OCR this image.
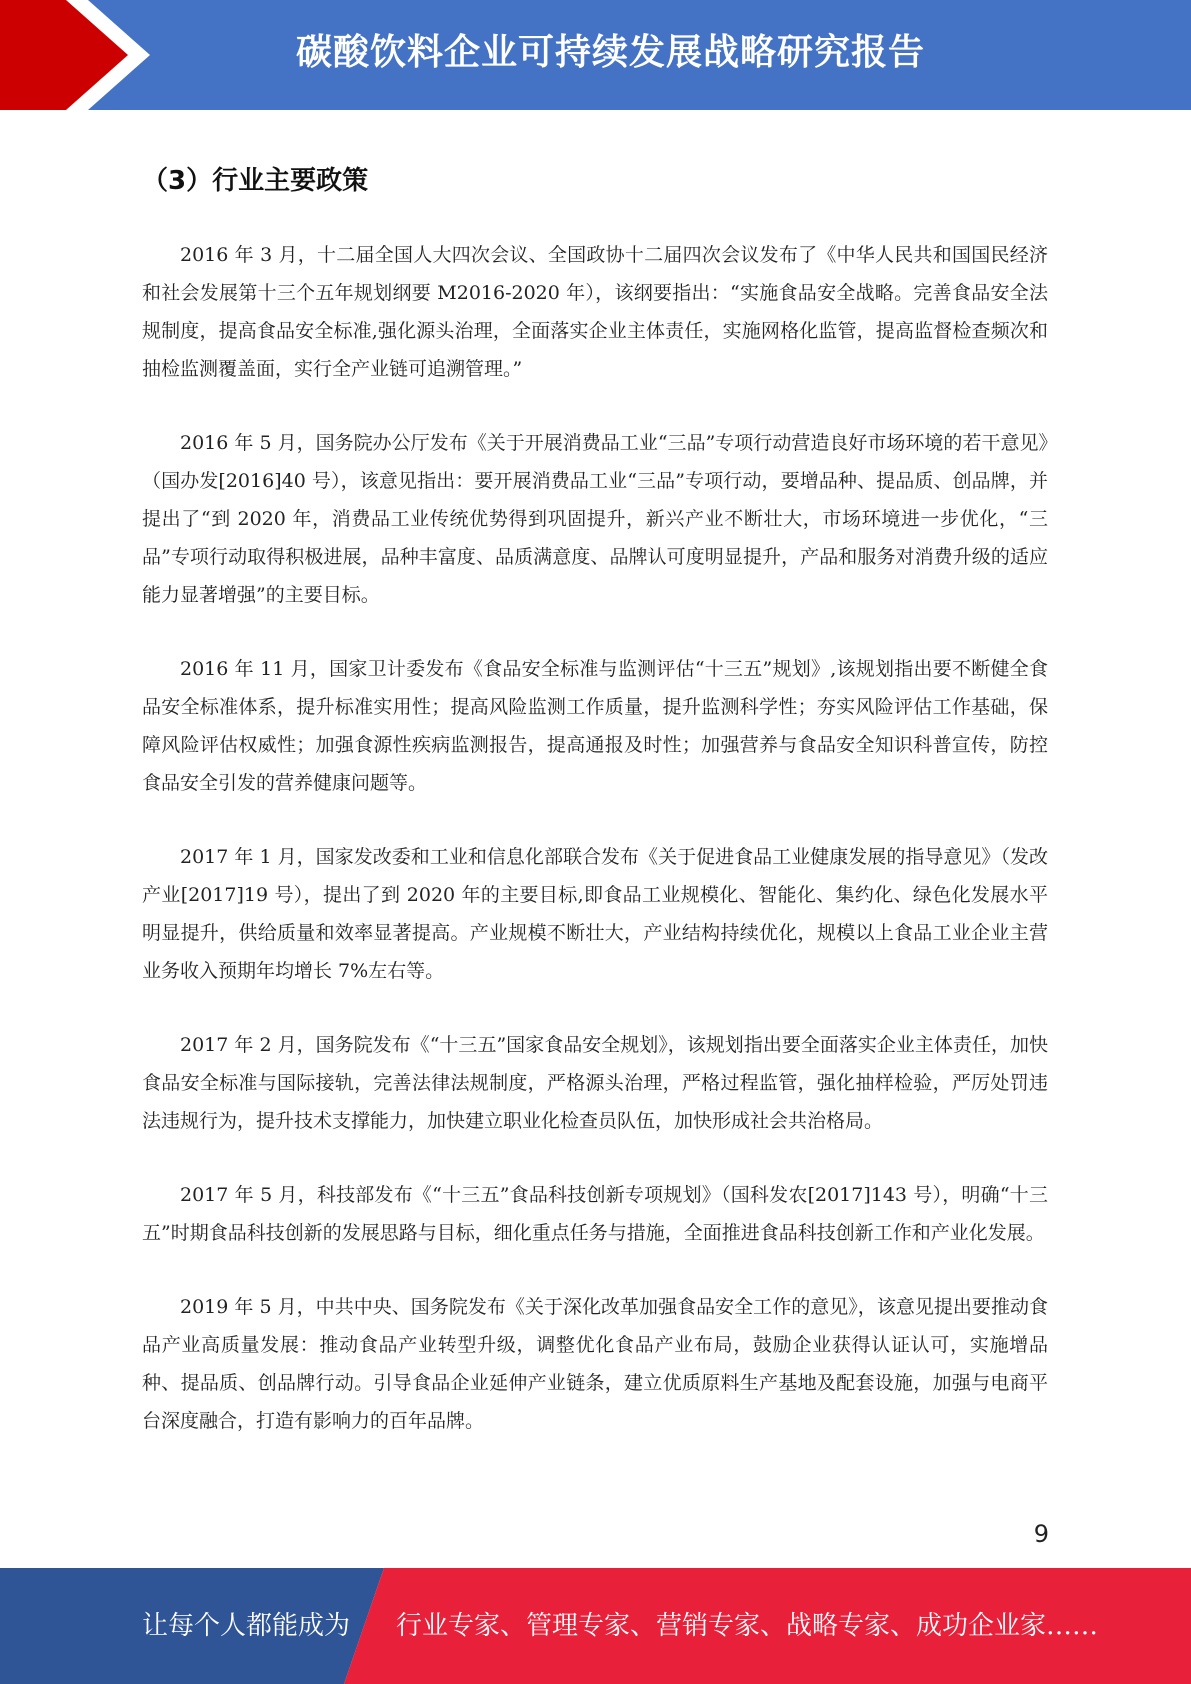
碳酸饮料企业可持续发展战略研究报告
（3）行业主要政策

2016 年 3 月，十二届全国人大四次会议、全国政协十二届四次会议发布了《中华人民共和国国民经济和社会发展第十三个五年规划纲要 M2016-2020 年），该纲要指出：“实施食品安全战略。完善食品安全法规制度，提高食品安全标准,强化源头治理，全面落实企业主体责任，实施网格化监管，提高监督检查频次和抽检监测覆盖面，实行全产业链可追溯管理。”

2016 年 5 月，国务院办公厅发布《关于开展消费品工业“三品”专项行动营造良好市场环境的若干意见》（国办发[2016]40 号），该意见指出：要开展消费品工业“三品”专项行动，要增品种、提品质、创品牌，并提出了“到 2020 年，消费品工业传统优势得到巩固提升，新兴产业不断壮大，市场环境进一步优化，“三品”专项行动取得积极进展，品种丰富度、品质满意度、品牌认可度明显提升，产品和服务对消费升级的适应能力显著增强”的主要目标。

2016 年 11 月，国家卫计委发布《食品安全标准与监测评估“十三五”规划》,该规划指出要不断健全食品安全标准体系，提升标准实用性；提高风险监测工作质量，提升监测科学性；夯实风险评估工作基础，保障风险评估权威性；加强食源性疾病监测报告，提高通报及时性；加强营养与食品安全知识科普宣传，防控食品安全引发的营养健康问题等。

2017 年 1 月，国家发改委和工业和信息化部联合发布《关于促进食品工业健康发展的指导意见》（发改产业[2017]19 号），提出了到 2020 年的主要目标,即食品工业规模化、智能化、集约化、绿色化发展水平明显提升，供给质量和效率显著提高。产业规模不断壮大，产业结构持续优化，规模以上食品工业企业主营业务收入预期年均增长 7%左右等。

2017 年 2 月，国务院发布《“十三五”国家食品安全规划》，该规划指出要全面落实企业主体责任，加快食品安全标准与国际接轨，完善法律法规制度，严格源头治理，严格过程监管，强化抽样检验，严厉处罚违法违规行为，提升技术支撑能力，加快建立职业化检查员队伍，加快形成社会共治格局。

2017 年 5 月，科技部发布《“十三五”食品科技创新专项规划》（国科发农[2017]143 号），明确“十三五”时期食品科技创新的发展思路与目标，细化重点任务与措施，全面推进食品科技创新工作和产业化发展。

2019 年 5 月，中共中央、国务院发布《关于深化改革加强食品安全工作的意见》，该意见提出要推动食品产业高质量发展：推动食品产业转型升级，调整优化食品产业布局，鼓励企业获得认证认可，实施增品种、提品质、创品牌行动。引导食品企业延伸产业链条，建立优质原料生产基地及配套设施，加强与电商平台深度融合，打造有影响力的百年品牌。

9
让每个人都能成为 行业专家、管理专家、营销专家、战略专家、成功企业家……
